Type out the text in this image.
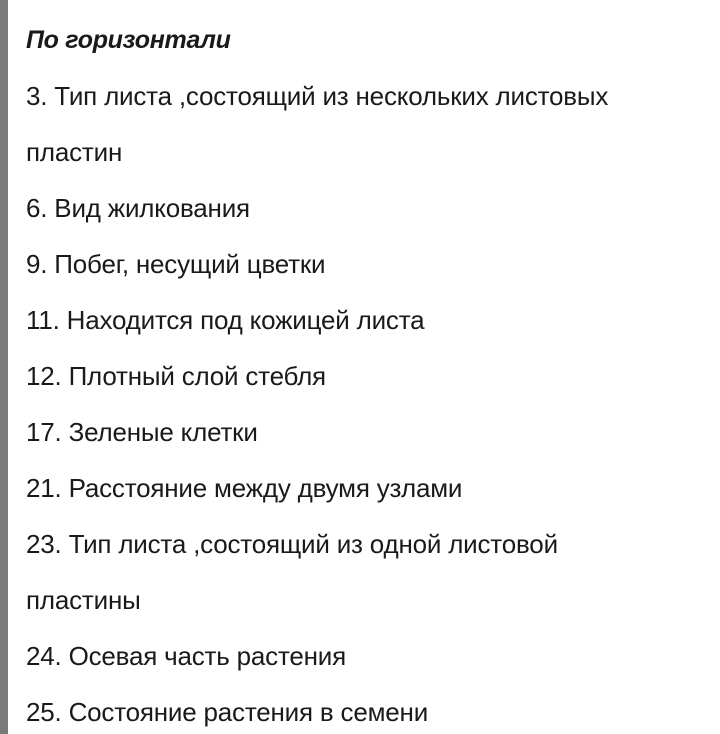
По горизонтали
3. Тип листа ,состоящий из нескольких листовых
пластин
6. Вид жилкования
9. Побег, несущий цветки
11. Находится под кожицей листа
12. Плотный слой стебля
17. Зеленые клетки
21. Расстояние между двумя узлами
23. Тип листа ,состоящий из одной листовой
пластины
24. Осевая часть растения
25. Состояние растения в семени
